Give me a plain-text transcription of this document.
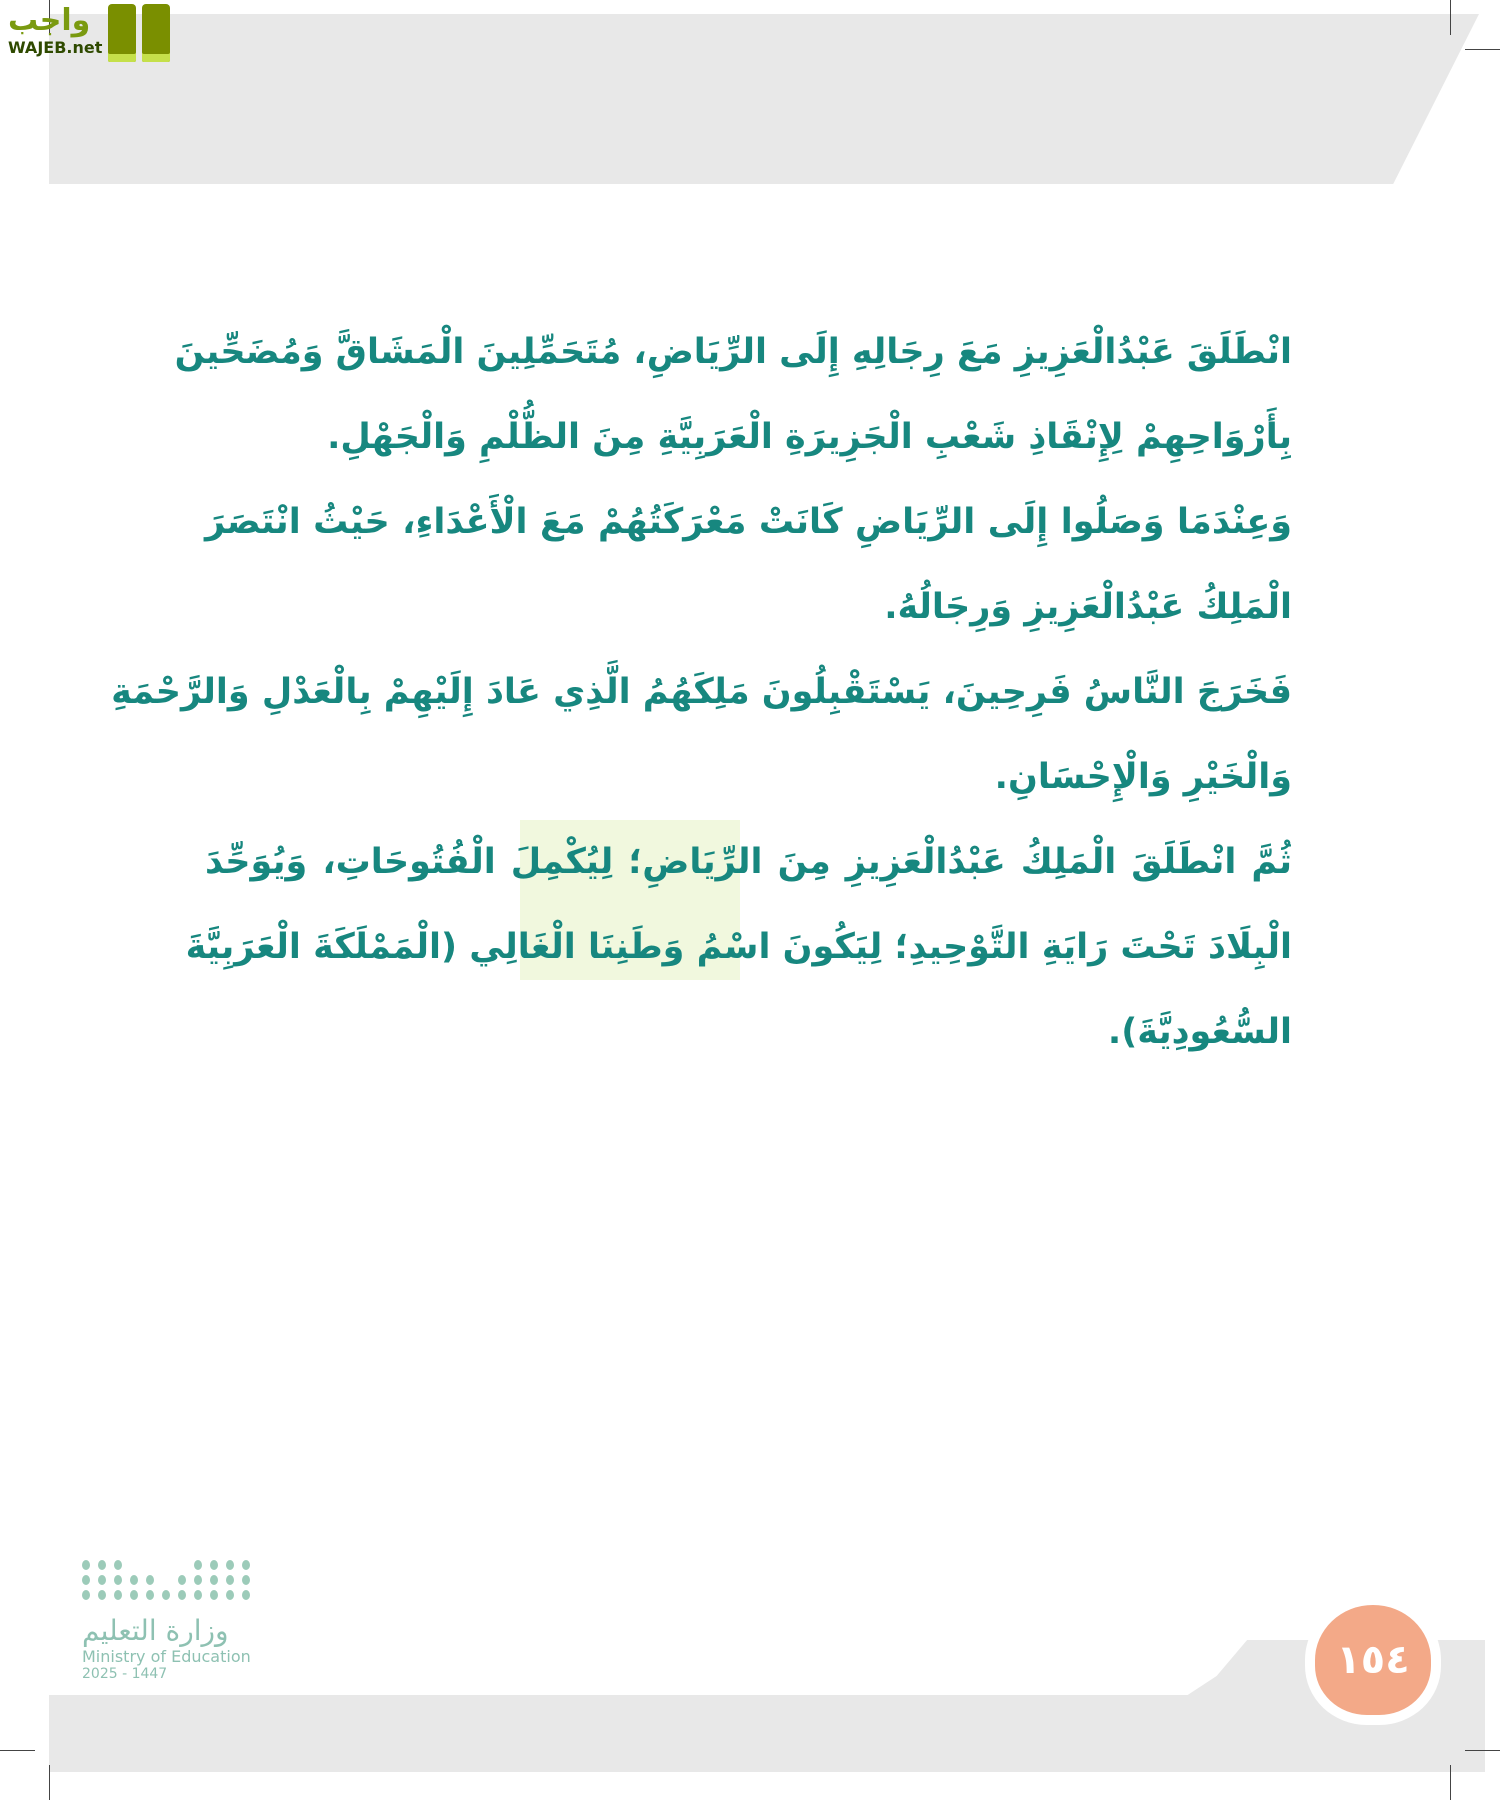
واجب
WAJEB.net
انْطَلَقَ عَبْدُالْعَزِيزِ مَعَ رِجَالِهِ إِلَى الرِّيَاضِ، مُتَحَمِّلِينَ الْمَشَاقَّ وَمُضَحِّينَ
بِأَرْوَاحِهِمْ لِإِنْقَاذِ شَعْبِ الْجَزِيرَةِ الْعَرَبِيَّةِ مِنَ الظُّلْمِ وَالْجَهْلِ.
وَعِنْدَمَا وَصَلُوا إِلَى الرِّيَاضِ كَانَتْ مَعْرَكَتُهُمْ مَعَ الْأَعْدَاءِ، حَيْثُ انْتَصَرَ
الْمَلِكُ عَبْدُالْعَزِيزِ وَرِجَالُهُ.
فَخَرَجَ النَّاسُ فَرِحِينَ، يَسْتَقْبِلُونَ مَلِكَهُمُ الَّذِي عَادَ إِلَيْهِمْ بِالْعَدْلِ وَالرَّحْمَةِ
وَالْخَيْرِ وَالْإِحْسَانِ.
ثُمَّ انْطَلَقَ الْمَلِكُ عَبْدُالْعَزِيزِ مِنَ الرِّيَاضِ؛ لِيُكْمِلَ الْفُتُوحَاتِ، وَيُوَحِّدَ
الْبِلَادَ تَحْتَ رَايَةِ التَّوْحِيدِ؛ لِيَكُونَ اسْمُ وَطَنِنَا الْغَالِي (الْمَمْلَكَةَ الْعَرَبِيَّةَ
السُّعُودِيَّةَ).
وزارة التعليم
Ministry of Education
2025 - 1447	١٥٤
